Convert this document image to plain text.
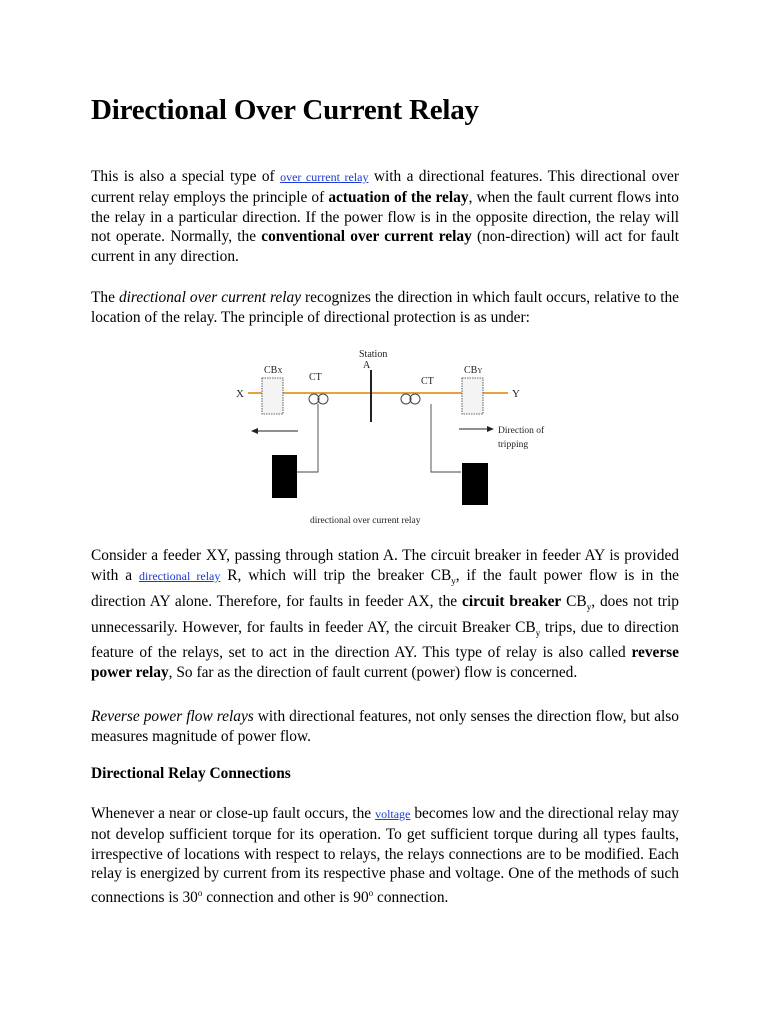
Directional Over Current Relay

This is also a special type of over current relay with a directional features. This directional over current relay employs the principle of actuation of the relay, when the fault current flows into the relay in a particular direction. If the power flow is in the opposite direction, the relay will not operate. Normally, the conventional over current relay (non-direction) will act for fault current in any direction.

The directional over current relay recognizes the direction in which fault occurs, relative to the location of the relay. The principle of directional protection is as under:

CBX	CBY
CT	CT
Station
A
X	Y
Direction of
tripping
directional over current relay

Consider a feeder XY, passing through station A. The circuit breaker in feeder AY is provided with a directional relay R, which will trip the breaker $CB_y$, if the fault power flow is in the direction AY alone. Therefore, for faults in feeder AX, the circuit breaker $CB_y$, does not trip unnecessarily. However, for faults in feeder AY, the circuit Breaker $CB_y$ trips, due to direction feature of the relays, set to act in the direction AY. This type of relay is also called reverse power relay, So far as the direction of fault current (power) flow is concerned.

Reverse power flow relays with directional features, not only senses the direction flow, but also measures magnitude of power flow.

Directional Relay Connections

Whenever a near or close-up fault occurs, the voltage becomes low and the directional relay may not develop sufficient torque for its operation. To get sufficient torque during all types faults, irrespective of locations with respect to relays, the relays connections are to be modified. Each relay is energized by current from its respective phase and voltage. One of the methods of such connections is 30$^o$ connection and other is 90$^o$ connection.
